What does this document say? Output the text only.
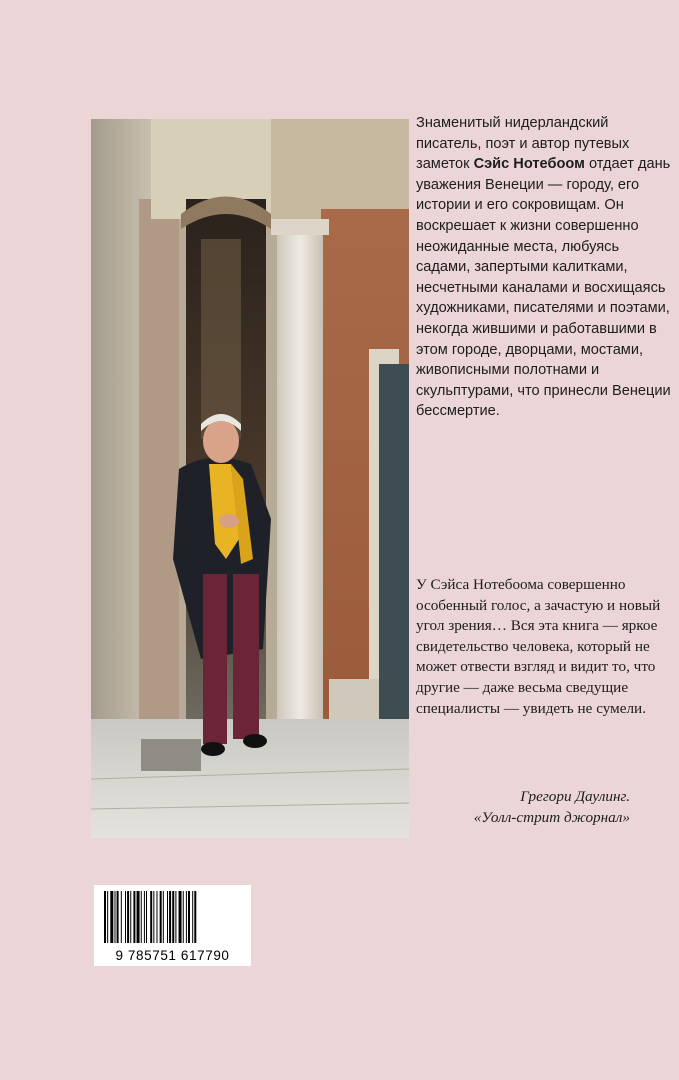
Знаменитый нидерландский писатель, поэт и автор путевых заметок Сэйс Нотебоом отдает дань уважения Венеции — городу, его истории и его сокровищам. Он воскрешает к жизни совершенно неожиданные места, любуясь садами, запертыми калитками, несчетными каналами и восхищаясь художниками, писателями и поэтами, некогда жившими и работавшими в этом городе, дворцами, мостами, живописными полотнами и скульптурами, что принесли Венеции бессмертие.

У Сэйса Нотебоома совершенно особенный голос, а зачастую и новый угол зрения… Вся эта книга — яркое свидетельство человека, который не может отвести взгляд и видит то, что другие — даже весьма сведущие специалисты — увидеть не сумели.

Грегори Даулинг.
«Уолл-стрит джорнал»
9 785751 617790
